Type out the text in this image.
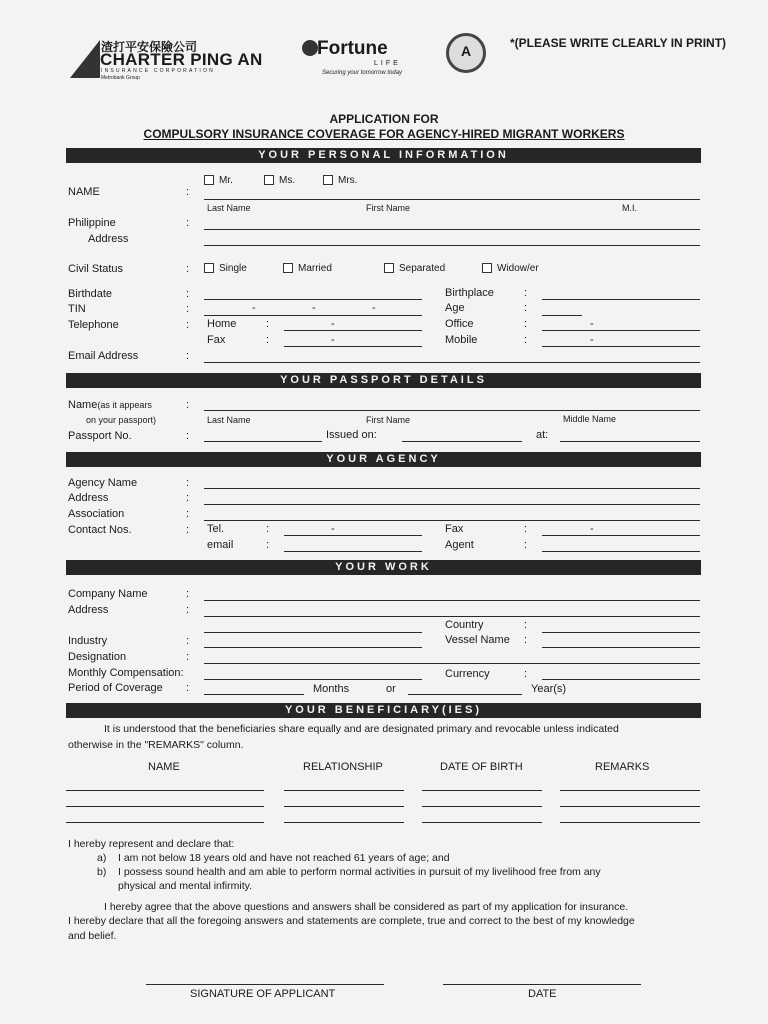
渣打平安保險公司
CHARTER PING AN
INSURANCE CORPORATION
Metrobank Group
Fortune
LIFE
Securing your tomorrow today
A	*(PLEASE WRITE CLEARLY IN PRINT)
APPLICATION FOR
COMPULSORY INSURANCE COVERAGE FOR AGENCY-HIRED MIGRANT WORKERS
YOUR PERSONAL INFORMATION
NAME	:
Mr.	Ms.	Mrs.
Last Name	First Name	M.I.
Philippine
Address
:
Civil Status	:	Single	Married	Separated	Widow/er
Birthdate	:	Birthplace	:
TIN	:	-	-	-	Age	:
Telephone	: Home	:	-	Office	:	-
Fax	:	-	Mobile	:	-
Email Address	:
YOUR PASSPORT DETAILS
Name(as it appears	:
on your passport)	Last Name	First Name	Middle Name
Passport No.	:	Issued on:	at:
YOUR AGENCY
Agency Name	:
Address	:
Association	:
Contact Nos.	: Tel.	:	-	Fax	:	-
email	:	Agent	:
YOUR WORK
Company Name	:
Address	:
Country	:
Industry	:	Vessel Name :
Designation	:
Monthly Compensation:	Currency	:
Period of Coverage :	Months	or	Year(s)
YOUR BENEFICIARY(IES)
It is understood that the beneficiaries share equally and are designated primary and revocable unless indicated
otherwise in the "REMARKS" column.
NAME	RELATIONSHIP	DATE OF BIRTH	REMARKS
I hereby represent and declare that:
a) I am not below 18 years old and have not reached 61 years of age; and
b) I possess sound health and am able to perform normal activities in pursuit of my livelihood free from any
physical and mental infirmity.
I hereby agree that the above questions and answers shall be considered as part of my application for insurance.
I hereby declare that all the foregoing answers and statements are complete, true and correct to the best of my knowledge
and belief.
SIGNATURE OF APPLICANT	DATE
